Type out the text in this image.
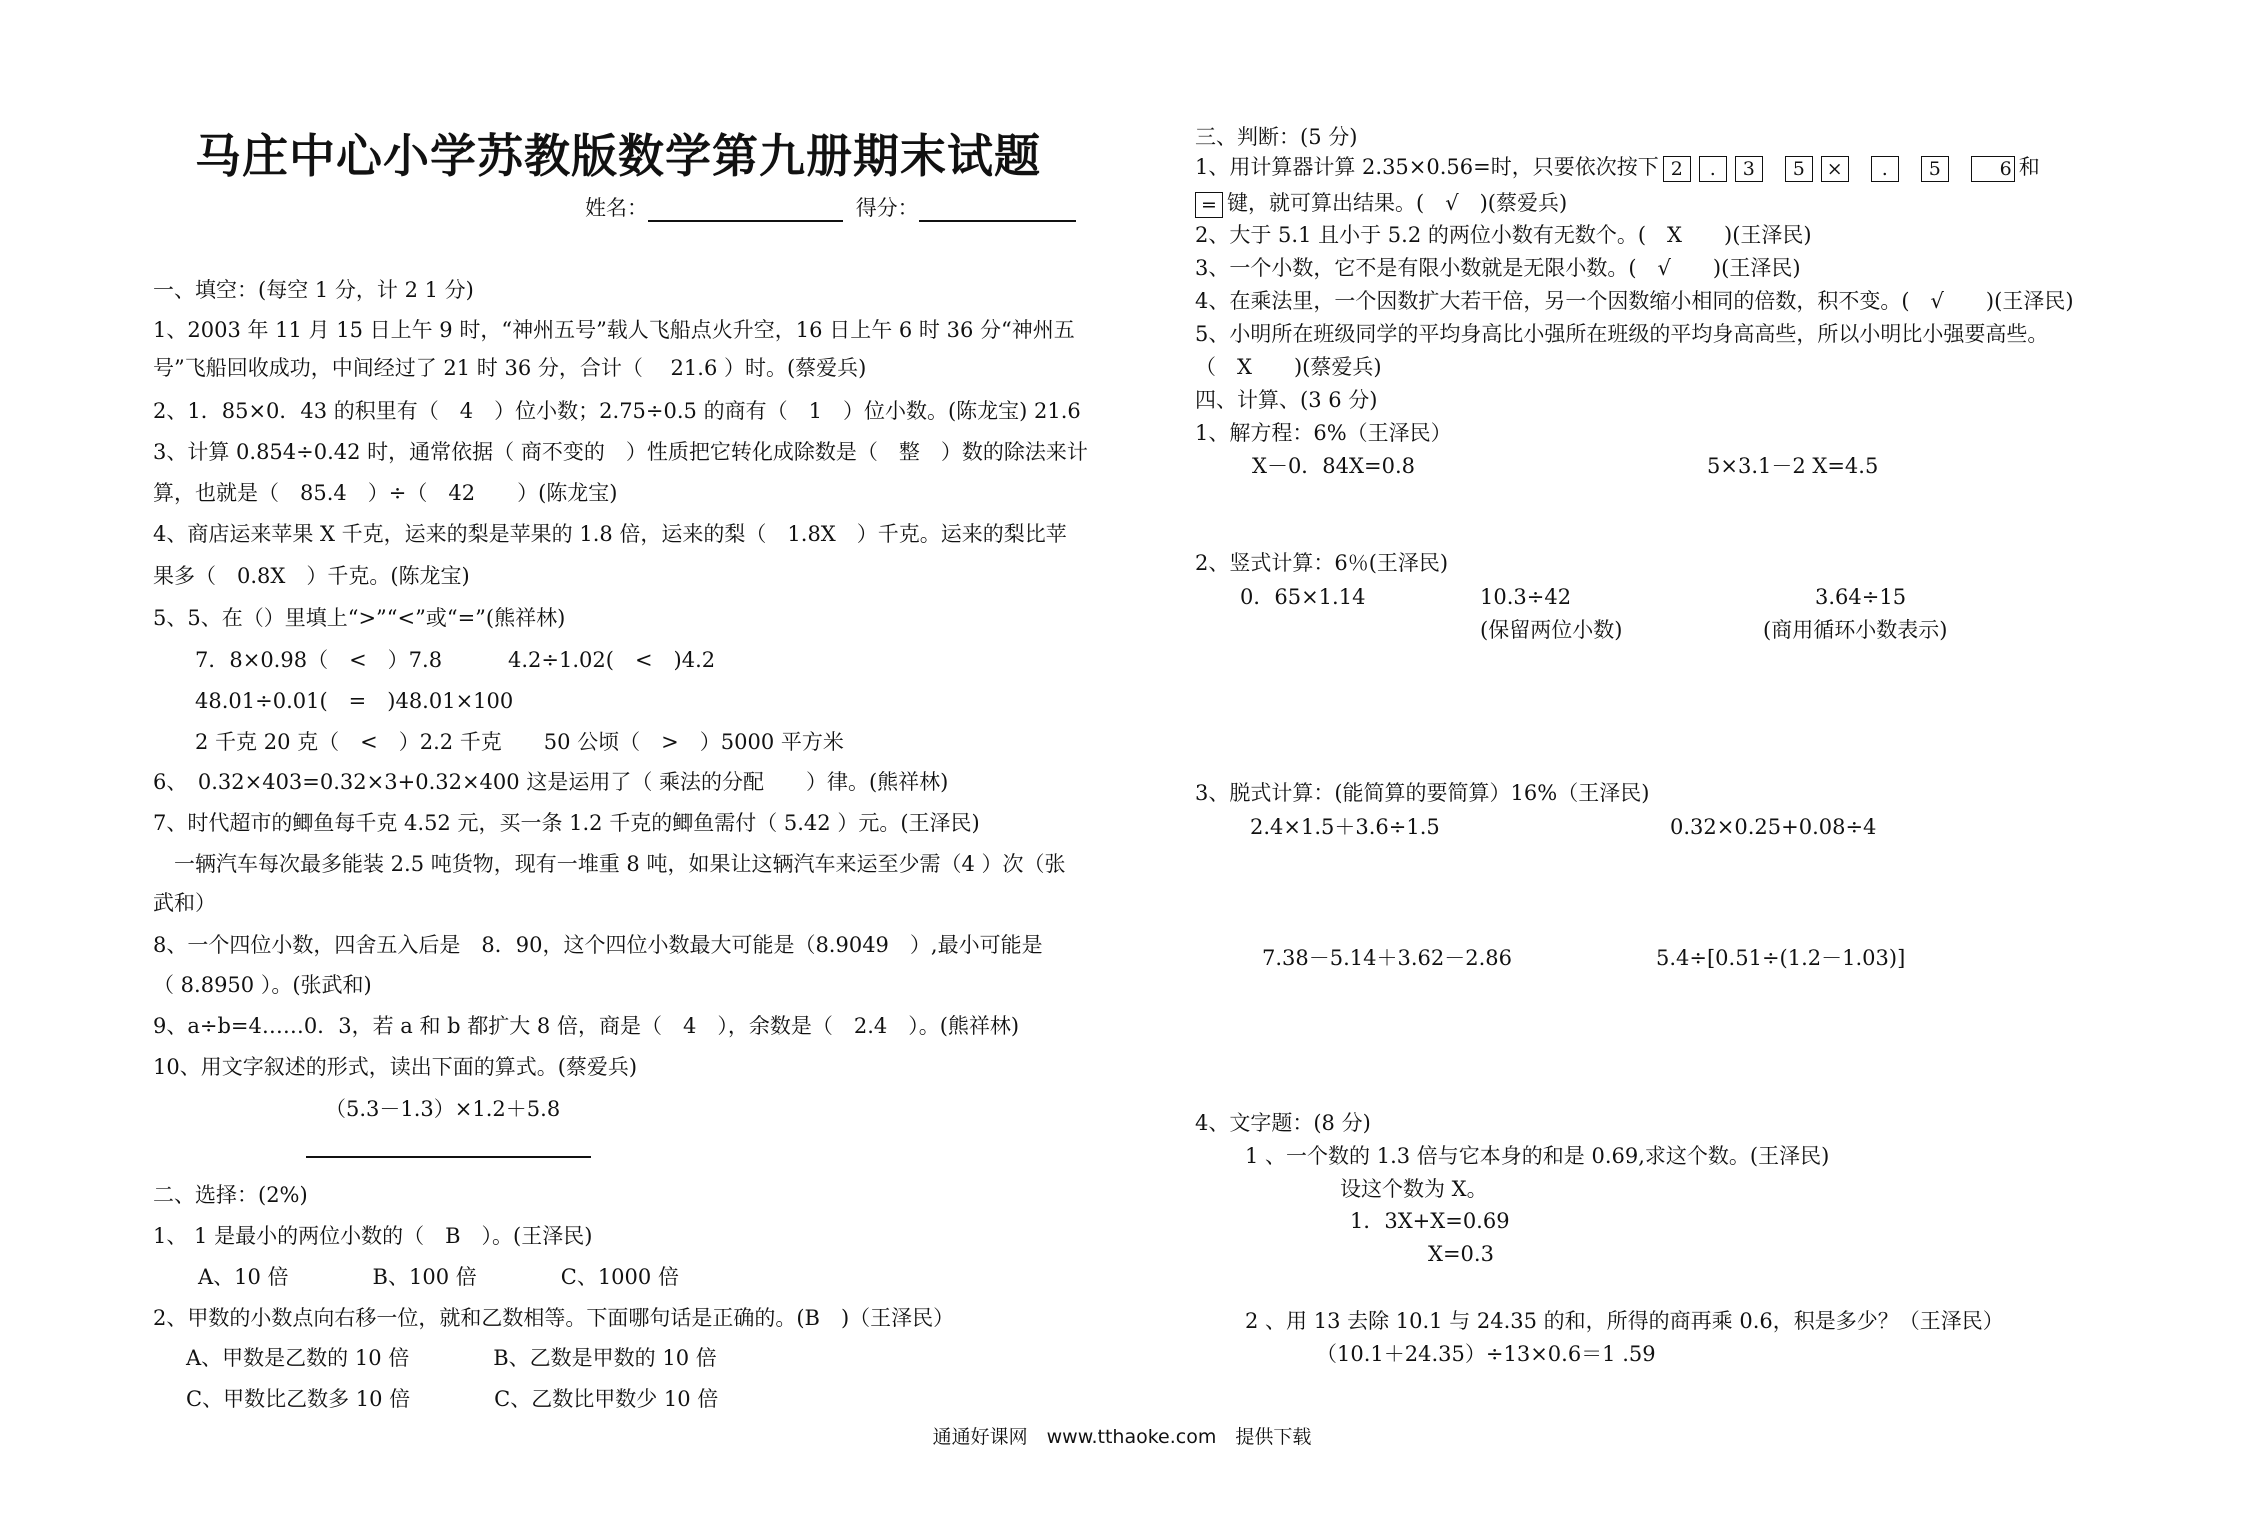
马庄中心小学苏教版数学第九册期末试题
姓名：	得分：

一、填空：(每空 1 分，计 2 1 分)

1、2003 年 11 月 15 日上午 9 时，“神州五号”载人飞船点火升空，16 日上午 6 时 36 分“神州五

号”飞船回收成功，中间经过了 21 时 36 分，合计（　 21.6 ）时。(蔡爱兵)

2、1．85×0．43 的积里有（　4　）位小数；2.75÷0.5 的商有（　1　）位小数。(陈龙宝) 21.6

3、计算 0.854÷0.42 时，通常依据（ 商不变的　）性质把它转化成除数是（　整　）数的除法来计

算，也就是（　85.4　）÷（　42　　）(陈龙宝)

4、商店运来苹果 X 千克，运来的梨是苹果的 1.8 倍，运来的梨（　1.8X　）千克。运来的梨比苹

果多（　0.8X　）千克。(陈龙宝)

5、5、在（）里填上“>”“<”或“=”(熊祥林)

7．8×0.98（　<　）7.8	4.2÷1.02(　<　)4.2

48.01÷0.01(　=　)48.01×100

2 千克 20 克（　<　）2.2 千克　　50 公顷（　>　）5000 平方米

6、　0.32×403=0.32×3+0.32×400 这是运用了（ 乘法的分配　　）律。(熊祥林)

7、时代超市的鲫鱼每千克 4.52 元，买一条 1.2 千克的鲫鱼需付（ 5.42 ）元。(王泽民)

　一辆汽车每次最多能装 2.5 吨货物，现有一堆重 8 吨，如果让这辆汽车来运至少需（4 ）次（张

武和）

8、一个四位小数，四舍五入后是　8．90，这个四位小数最大可能是（8.9049　）,最小可能是

（ 8.8950 ）。(张武和)

9、a÷b=4……0．3，若 a 和 b 都扩大 8 倍，商是（　4　），余数是（　2.4　）。(熊祥林)

10、用文字叙述的形式，读出下面的算式。(蔡爱兵)

（5.3－1.3）×1.2＋5.8

二、选择：(2%)

1、 1 是最小的两位小数的（　B　）。(王泽民)

A、10 倍　　　　B、100 倍　　　　C、1000 倍

2、甲数的小数点向右移一位，就和乙数相等。下面哪句话是正确的。(B　)（王泽民）

A、甲数是乙数的 10 倍　　　　B、乙数是甲数的 10 倍

C、甲数比乙数多 10 倍　　　　C、乙数比甲数少 10 倍

三、判断：(5 分)

1、用计算器计算 2.35×0.56=时，只要依次按下 2 . 3 5 × . 5	6 和

= 键，就可算出结果。(　√　)(蔡爱兵)

2、大于 5.1 且小于 5.2 的两位小数有无数个。(　X　　)(王泽民)

3、一个小数，它不是有限小数就是无限小数。(　√　　)(王泽民)

4、在乘法里，一个因数扩大若干倍，另一个因数缩小相同的倍数，积不变。(　√　　)(王泽民)

5、小明所在班级同学的平均身高比小强所在班级的平均身高高些，所以小明比小强要高些。

（　X　　)(蔡爱兵)

四、计算、(3 6 分)

1、解方程：6%（王泽民）

X－0．84X=0.8	5×3.1－2 X=4.5

2、竖式计算：6％(王泽民)

0．65×1.14	10.3÷42

(保留两位小数)

3.64÷15

(商用循环小数表示)

3、脱式计算：(能简算的要简算）16%（王泽民)

2.4×1.5＋3.6÷1.5	0.32×0.25+0.08÷4

7.38－5.14＋3.62－2.86	5.4÷[0.51÷(1.2－1.03)]

4、文字题：(8 分)

1 、一个数的 1.3 倍与它本身的和是 0.69,求这个数。(王泽民)

设这个数为 X。

1．3X+X=0.69

X=0.3

2 、用 13 去除 10.1 与 24.35 的和，所得的商再乘 0.6，积是多少？（王泽民）

（10.1＋24.35）÷13×0.6＝1 .59

通通好课网　www.tthaoke.com　提供下载
